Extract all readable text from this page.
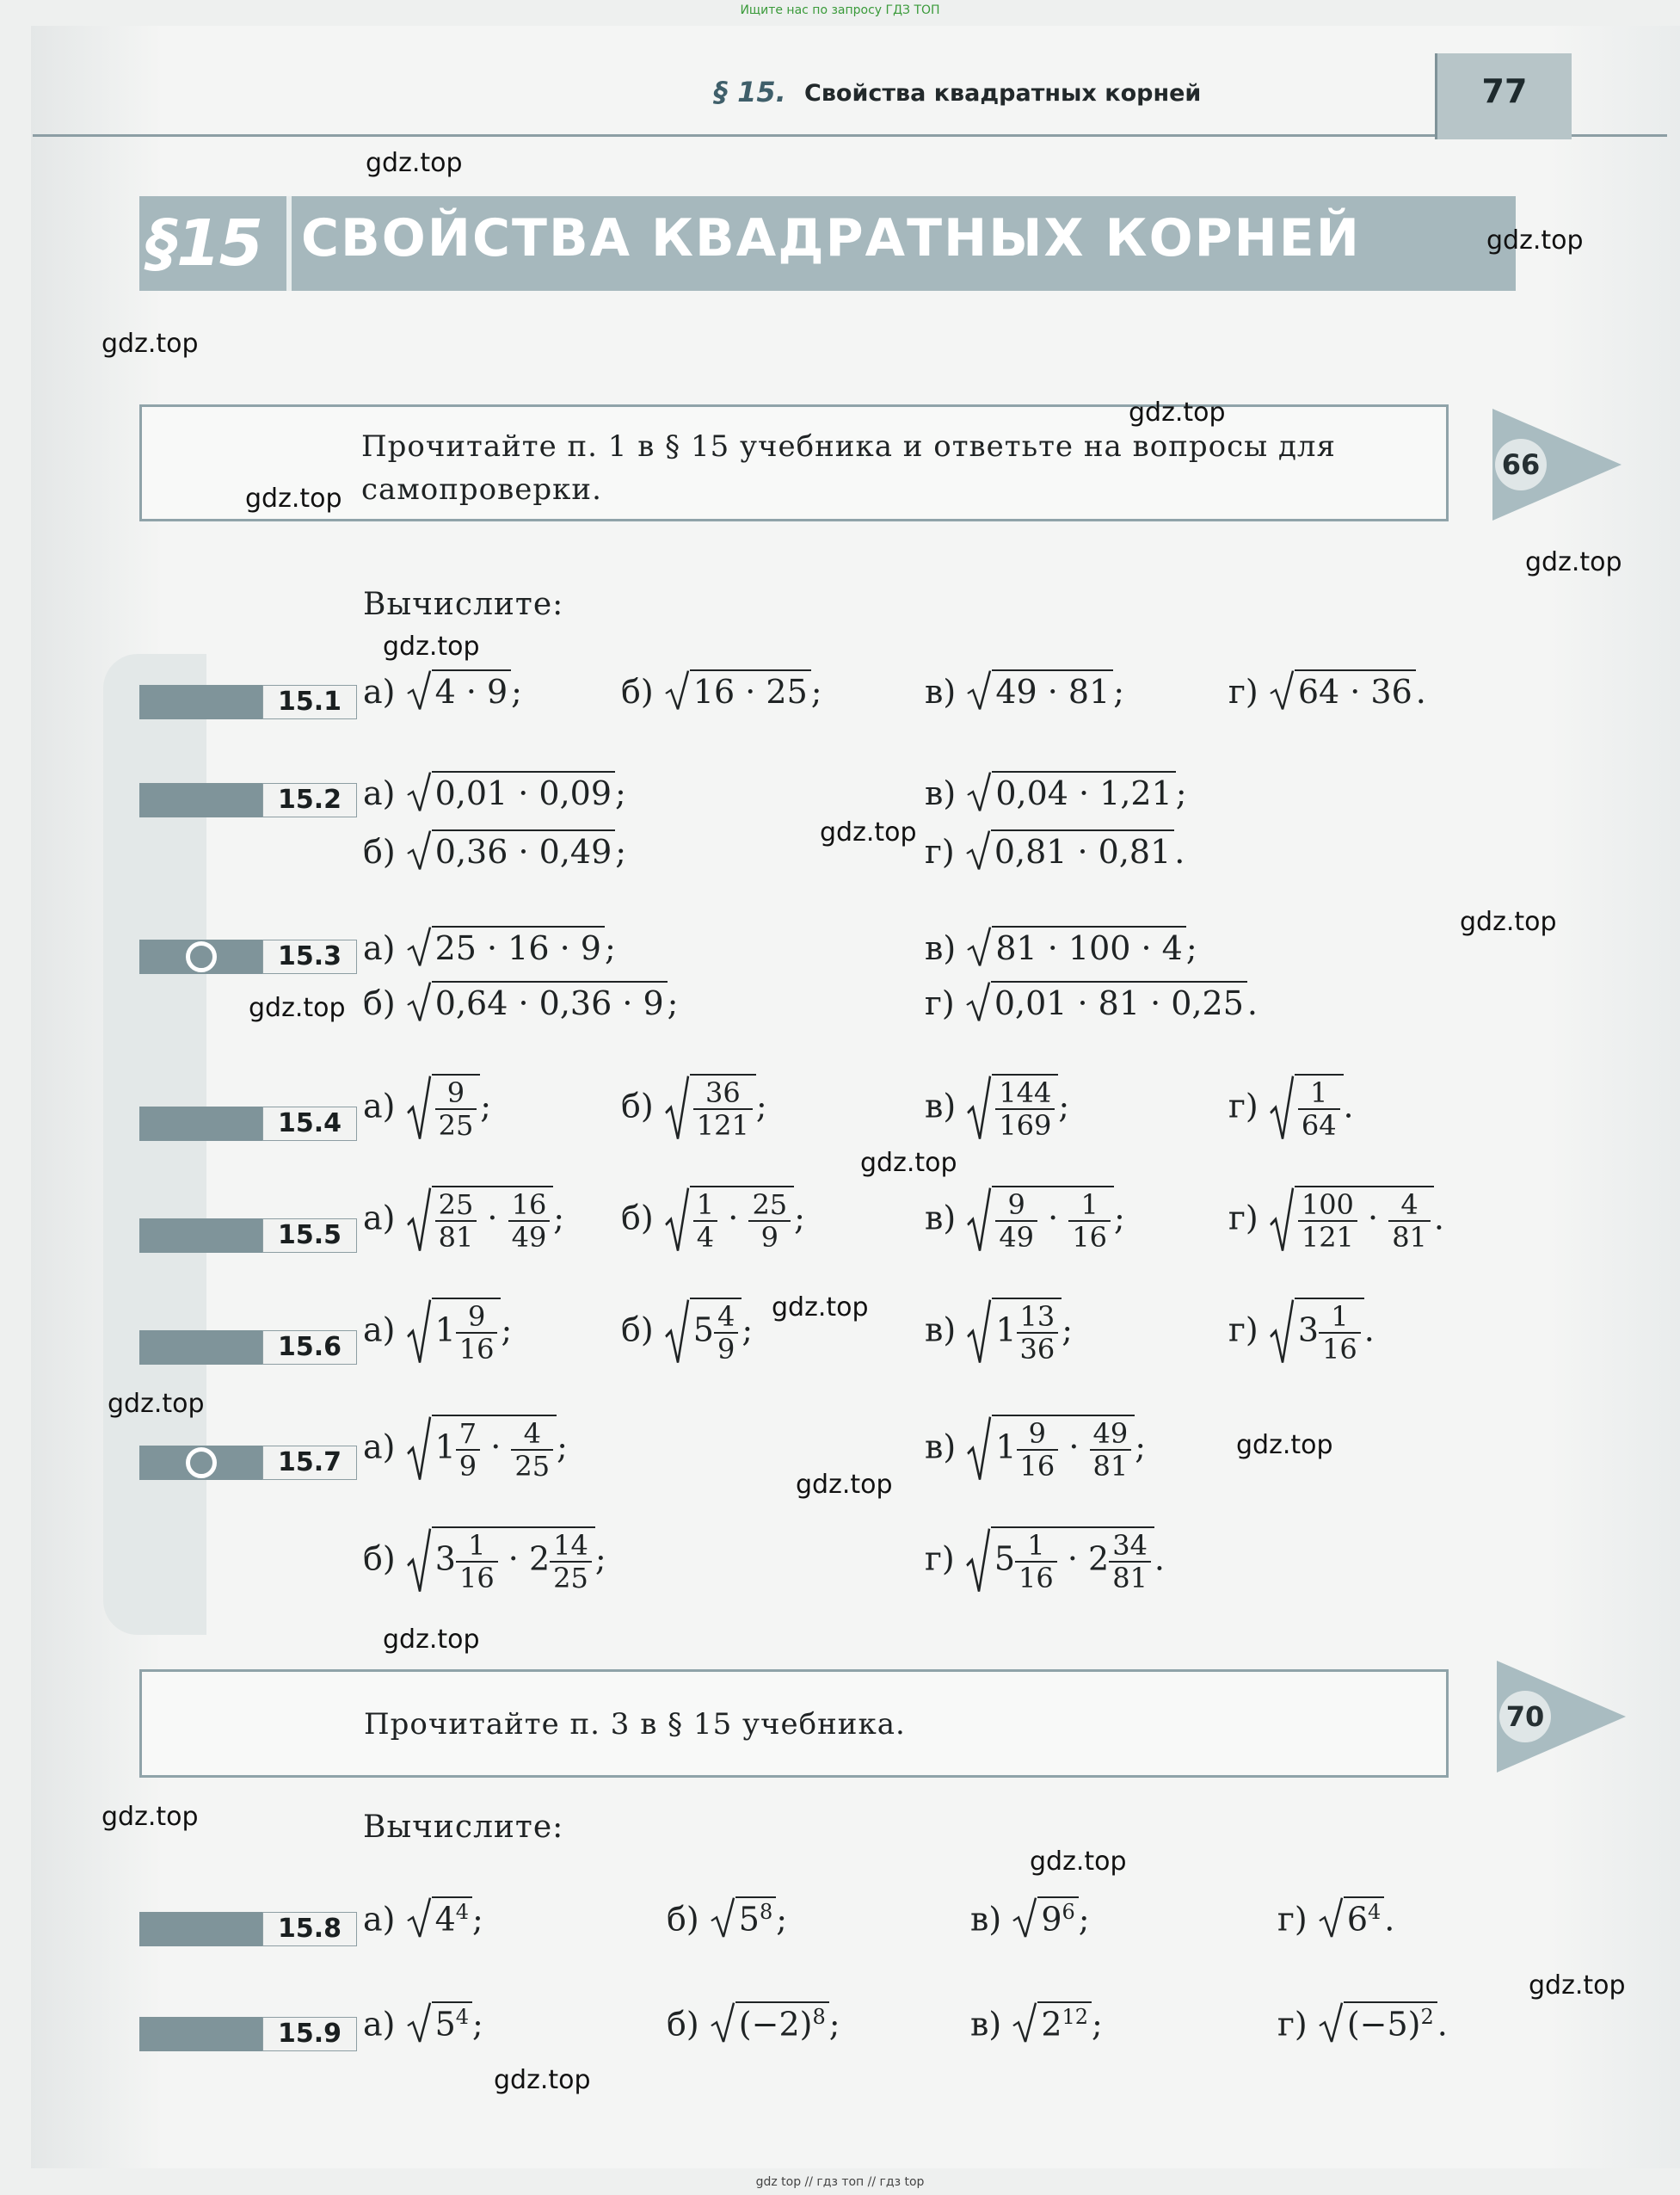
Ищите нас по запросу ГДЗ ТОП
§ 15. Свойства квадратных корней	77
§15 СВОЙСТВА КВАДРАТНЫХ КОРНЕЙ
Прочитайте п. 1 в § 15 учебника и ответьте на вопросы для
самопроверки.
66
Вычислите:
15.1 а) 4 · 9 ;	б) 16 · 25 ;	в) 49 · 81 ;	г) 64 · 36 .
15.2 а) 0,01 · 0,09 ;
б) 0,36 · 0,49 ;
в) 0,04 · 1,21 ;
г) 0,81 · 0,81 .
15.3 а) 25 · 16 · 9 ;
б) 0,64 · 0,36 · 9 ;
в) 81 · 100 · 4 ;
г) 0,01 · 81 · 0,25 .
15.4 $а) \frac{9}{25}$ ;	$б) \frac{36}{121}$ ;	$в) \frac{144}{169}$ ;	$г) \frac{1}{64}$ .
15.5 $а) \frac{25}{81} \cdot \frac{16}{49}$ ; $б) \frac{1}{4} \cdot \frac{25}{9}$ ;	$в) \frac{9}{49} \cdot \frac{1}{16}$ ;	$г) \frac{100}{121} \cdot \frac{4}{81}$ .
15.6 а) $1 \frac{9}{16}$ ;	б) $5 \frac{4}{9}$ ;	в) $1 \frac{13}{36}$ ;	г) $3 \frac{1}{16}$ .
15.7 а) $1 \frac{7}{9} \cdot \frac{4}{25}$ ;	в) $1 \frac{9}{16} \cdot \frac{49}{81}$ ;
б) $3 \frac{1}{16} \cdot 2 \frac{14}{25}$ ;	г) $5 \frac{1}{16} \cdot 2 \frac{34}{81}$ .
Прочитайте п. 3 в § 15 учебника.	70
Вычислите:
15.8 а) $4^4$ ;	б) $5^8$ ;	в) $9^6$ ;	г) $6^4$ .
15.9 а) $5^4$ ;	б) $(-2)^8$ ;	в) $2^{12}$ ;	г) $(-5)^2$ .
gdz.top
gdz.top
gdz.top
gdz.top
gdz.top
gdz.top
gdz.top
gdz.top
gdz.top
gdz.top
gdz.top
gdz.top
gdz.top
gdz.top
gdz.top
gdz.top
gdz.top
gdz.top
gdz.top
gdz.top
gdz top // гдз топ // гдз top
